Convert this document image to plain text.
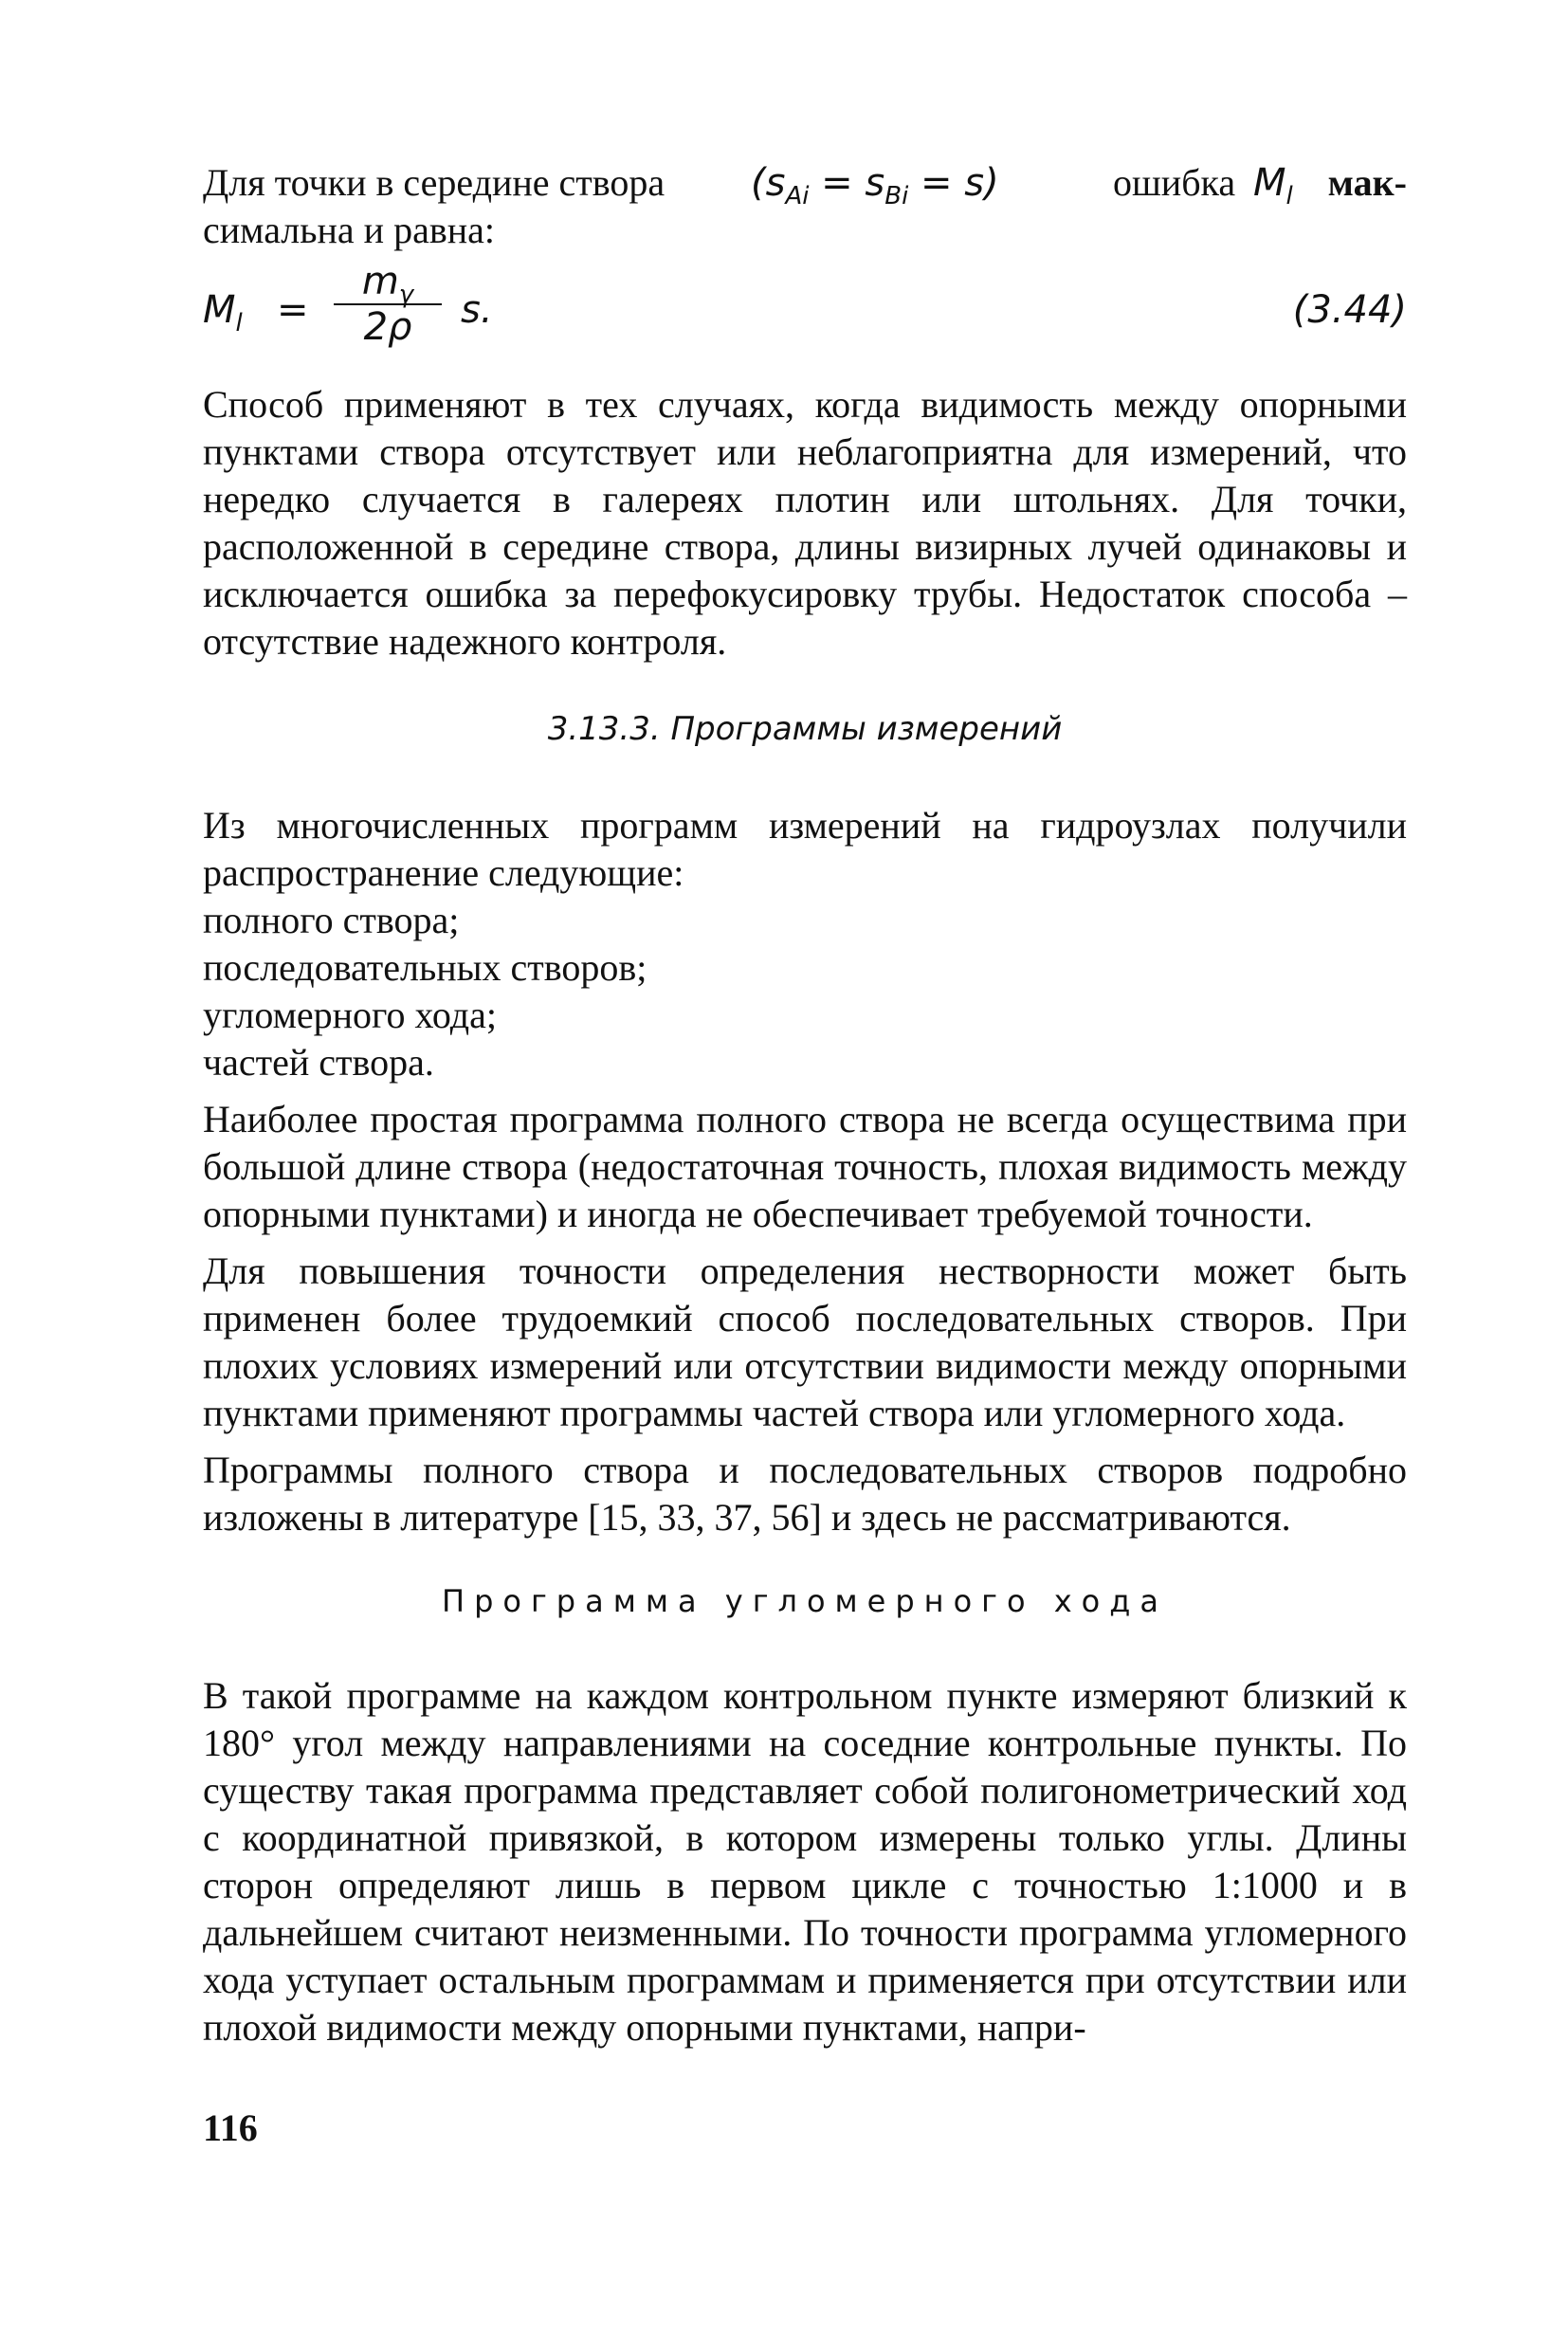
Для точки в середине створа $(s_{Ai} = s_{Bi} = s)$	ошибка $M_l$ мак-
симальна и равна:
$M_l$ =
$m_\gamma$
2ρ	s.	(3.44)

Способ применяют в тех случаях, когда видимость между опорными пунктами створа отсутствует или неблагоприятна для измерений, что нередко случается в галереях плотин или штольнях. Для точки, расположенной в середине створа, длины визирных лучей одинаковы и исключается ошибка за перефокусировку трубы. Недостаток способа – отсутствие надежного контроля.

3.13.3. Программы измерений

Из многочисленных программ измерений на гидроузлах получили распространение следующие:

полного створа;

последовательных створов;

угломерного хода;

частей створа.

Наиболее простая программа полного створа не всегда осуществима при большой длине створа (недостаточная точность, плохая видимость между опорными пунктами) и иногда не обеспечивает требуемой точности.

Для повышения точности определения нестворности может быть применен более трудоемкий способ последовательных створов. При плохих условиях измерений или отсутствии видимости между опорными пунктами применяют программы частей створа или угломерного хода.

Программы полного створа и последовательных створов подробно изложены в литературе [15, 33, 37, 56] и здесь не рассматриваются.

Программа угломерного хода

В такой программе на каждом контрольном пункте измеряют близкий к 180° угол между направлениями на соседние контрольные пункты. По существу такая программа представляет собой полигонометрический ход с координатной привязкой, в котором измерены только углы. Длины сторон определяют лишь в первом цикле с точностью 1:1000 и в дальнейшем считают неизменными. По точности программа угломерного хода уступает остальным программам и применяется при отсутствии или плохой видимости между опорными пунктами, напри-

116
